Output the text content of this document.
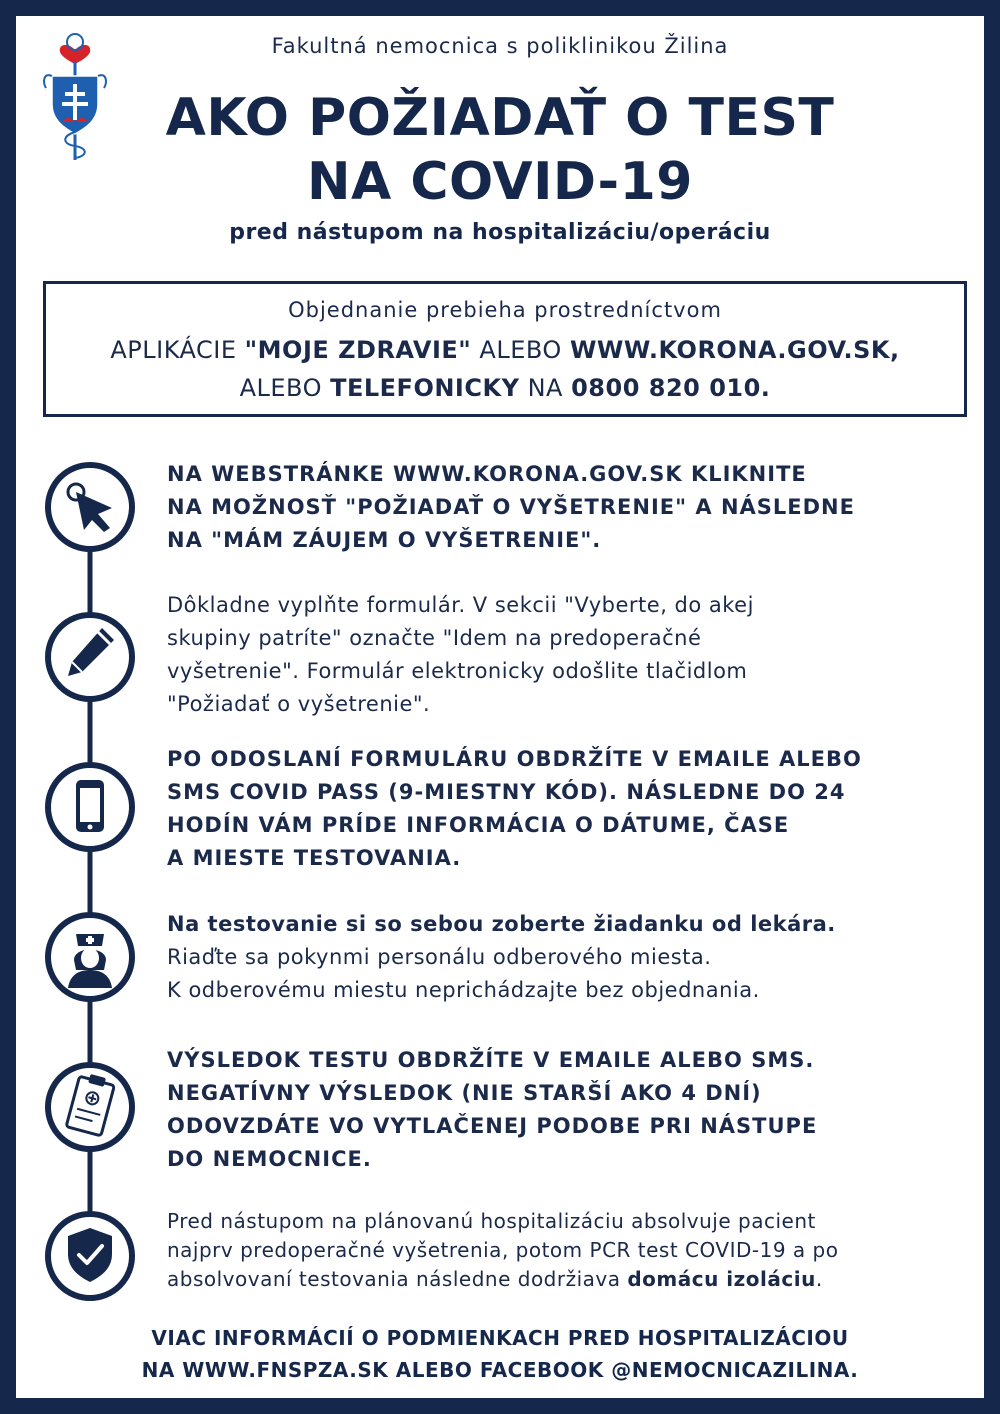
Fakultná nemocnica s poliklinikou Žilina
AKO POŽIADAŤ O TEST
NA COVID-19
pred nástupom na hospitalizáciu/operáciu
Objednanie prebieha prostredníctvom
APLIKÁCIE "MOJE ZDRAVIE" ALEBO WWW.KORONA.GOV.SK,
ALEBO TELEFONICKY NA 0800 820 010.
NA WEBSTRÁNKE WWW.KORONA.GOV.SK KLIKNITE
NA MOŽNOSŤ "POŽIADAŤ O VYŠETRENIE" A NÁSLEDNE
NA "MÁM ZÁUJEM O VYŠETRENIE".
Dôkladne vyplňte formulár. V sekcii "Vyberte, do akej
skupiny patríte" označte "Idem na predoperačné
vyšetrenie". Formulár elektronicky odošlite tlačidlom
"Požiadať o vyšetrenie".
PO ODOSLANÍ FORMULÁRU OBDRŽÍTE V EMAILE ALEBO
SMS COVID PASS (9-MIESTNY KÓD). NÁSLEDNE DO 24
HODÍN VÁM PRÍDE INFORMÁCIA O DÁTUME, ČASE
A MIESTE TESTOVANIA.
Na testovanie si so sebou zoberte žiadanku od lekára.
Riaďte sa pokynmi personálu odberového miesta.
K odberovému miestu neprichádzajte bez objednania.
VÝSLEDOK TESTU OBDRŽÍTE V EMAILE ALEBO SMS.
NEGATÍVNY VÝSLEDOK (NIE STARŠÍ AKO 4 DNÍ)
ODOVZDÁTE VO VYTLAČENEJ PODOBE PRI NÁSTUPE
DO NEMOCNICE.
Pred nástupom na plánovanú hospitalizáciu absolvuje pacient
najprv predoperačné vyšetrenia, potom PCR test COVID-19 a po
absolvovaní testovania následne dodržiava domácu izoláciu.
VIAC INFORMÁCIÍ O PODMIENKACH PRED HOSPITALIZÁCIOU
NA WWW.FNSPZA.SK ALEBO FACEBOOK @NEMOCNICAZILINA.
